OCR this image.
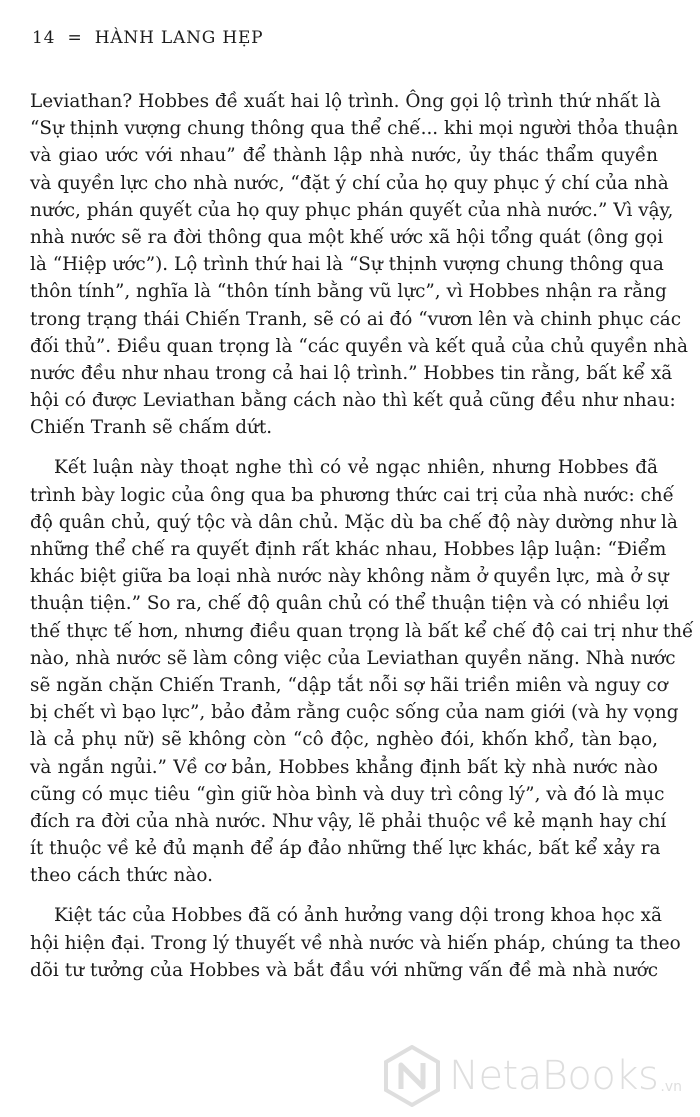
14 = HÀNH LANG HẸP
Leviathan? Hobbes đề xuất hai lộ trình. Ông gọi lộ trình thứ nhất là
“Sự thịnh vượng chung thông qua thể chế... khi mọi người thỏa thuận
và giao ước với nhau” để thành lập nhà nước, ủy thác thẩm quyền
và quyền lực cho nhà nước, “đặt ý chí của họ quy phục ý chí của nhà
nước, phán quyết của họ quy phục phán quyết của nhà nước.” Vì vậy,
nhà nước sẽ ra đời thông qua một khế ước xã hội tổng quát (ông gọi
là “Hiệp ước”). Lộ trình thứ hai là “Sự thịnh vượng chung thông qua
thôn tính”, nghĩa là “thôn tính bằng vũ lực”, vì Hobbes nhận ra rằng
trong trạng thái Chiến Tranh, sẽ có ai đó “vươn lên và chinh phục các
đối thủ”. Điều quan trọng là “các quyền và kết quả của chủ quyền nhà
nước đều như nhau trong cả hai lộ trình.” Hobbes tin rằng, bất kể xã
hội có được Leviathan bằng cách nào thì kết quả cũng đều như nhau:
Chiến Tranh sẽ chấm dứt.
Kết luận này thoạt nghe thì có vẻ ngạc nhiên, nhưng Hobbes đã
trình bày logic của ông qua ba phương thức cai trị của nhà nước: chế
độ quân chủ, quý tộc và dân chủ. Mặc dù ba chế độ này dường như là
những thể chế ra quyết định rất khác nhau, Hobbes lập luận: “Điểm
khác biệt giữa ba loại nhà nước này không nằm ở quyền lực, mà ở sự
thuận tiện.” So ra, chế độ quân chủ có thể thuận tiện và có nhiều lợi
thế thực tế hơn, nhưng điều quan trọng là bất kể chế độ cai trị như thế
nào, nhà nước sẽ làm công việc của Leviathan quyền năng. Nhà nước
sẽ ngăn chặn Chiến Tranh, “dập tắt nỗi sợ hãi triền miên và nguy cơ
bị chết vì bạo lực”, bảo đảm rằng cuộc sống của nam giới (và hy vọng
là cả phụ nữ) sẽ không còn “cô độc, nghèo đói, khốn khổ, tàn bạo,
và ngắn ngủi.” Về cơ bản, Hobbes khẳng định bất kỳ nhà nước nào
cũng có mục tiêu “gìn giữ hòa bình và duy trì công lý”, và đó là mục
đích ra đời của nhà nước. Như vậy, lẽ phải thuộc về kẻ mạnh hay chí
ít thuộc về kẻ đủ mạnh để áp đảo những thế lực khác, bất kể xảy ra
theo cách thức nào.
Kiệt tác của Hobbes đã có ảnh hưởng vang dội trong khoa học xã
hội hiện đại. Trong lý thuyết về nhà nước và hiến pháp, chúng ta theo
dõi tư tưởng của Hobbes và bắt đầu với những vấn đề mà nhà nước
NetaBooks .vn
